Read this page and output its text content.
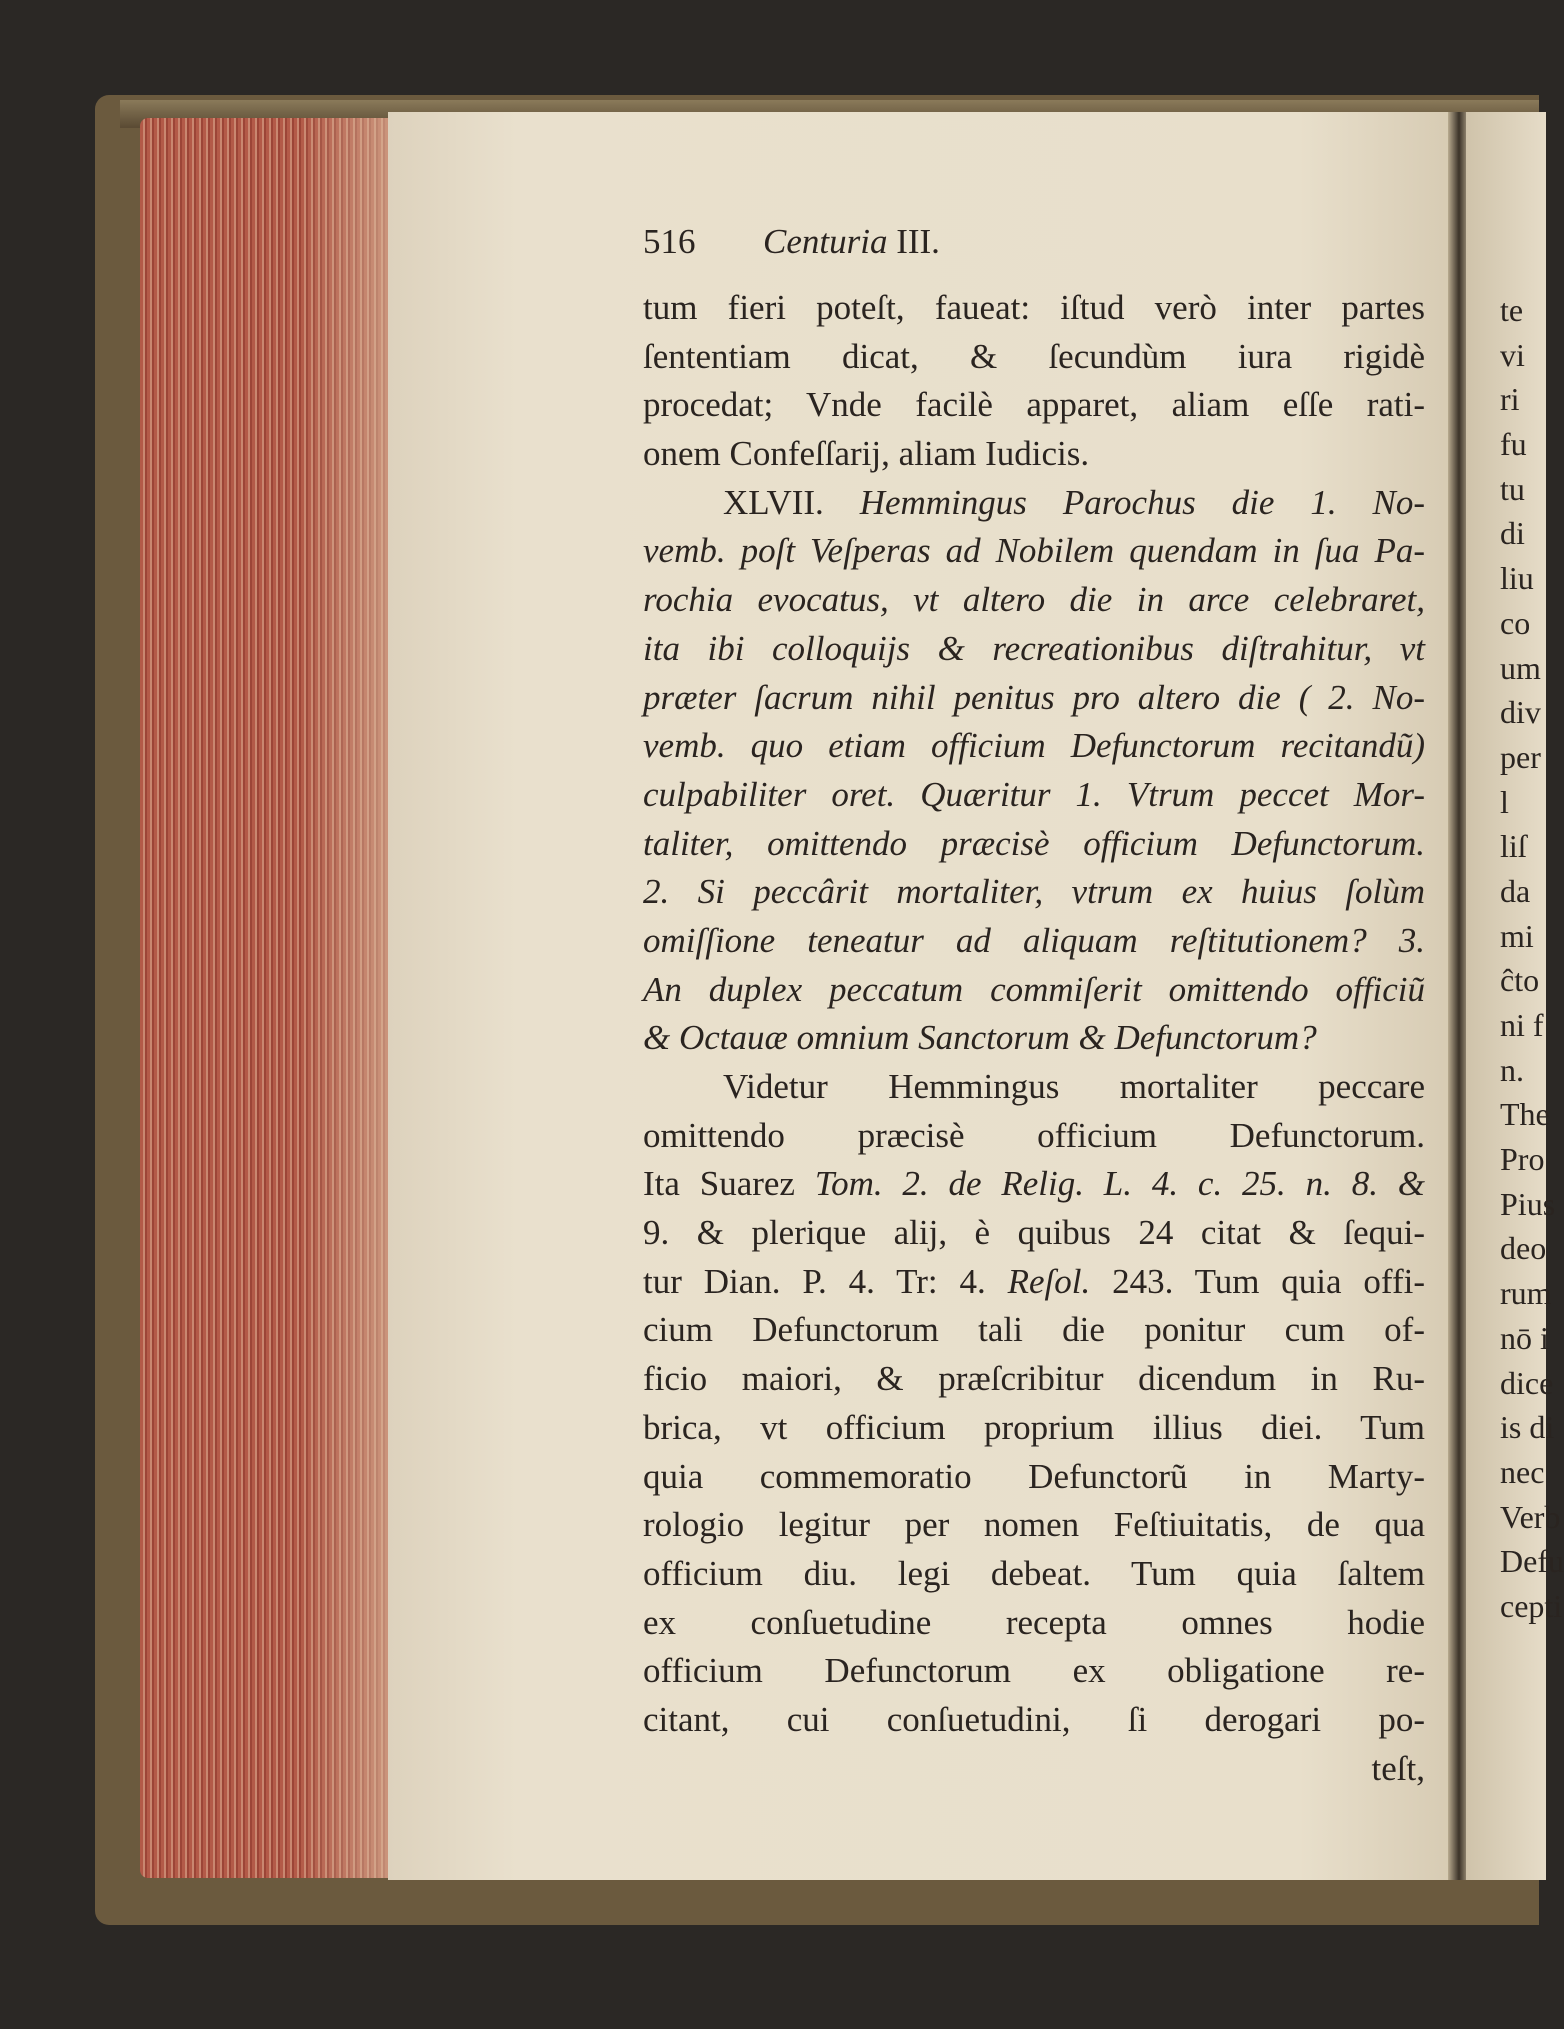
516 Centuria III.
tum fieri poteſt, faueat: iſtud verò inter partes
ſententiam dicat, & ſecundùm iura rigidè
procedat; Vnde facilè apparet, aliam eſſe rati-
onem Confeſſarij, aliam Iudicis.
XLVII. Hemmingus Parochus die 1. No-
vemb. poſt Veſperas ad Nobilem quendam in ſua Pa-
rochia evocatus, vt altero die in arce celebraret,
ita ibi colloquijs & recreationibus diſtrahitur, vt
præter ſacrum nihil penitus pro altero die ( 2. No-
vemb. quo etiam officium Defunctorum recitandũ)
culpabiliter oret. Quæritur 1. Vtrum peccet Mor-
taliter, omittendo præcisè officium Defunctorum.
2. Si peccârit mortaliter, vtrum ex huius ſolùm
omiſſione teneatur ad aliquam reſtitutionem? 3.
An duplex peccatum commiſerit omittendo officiũ
& Octauæ omnium Sanctorum & Defunctorum?
Videtur Hemmingus mortaliter peccare
omittendo præcisè officium Defunctorum.
Ita Suarez Tom. 2. de Relig. L. 4. c. 25. n. 8. &
9. & plerique alij, è quibus 24 citat & ſequi-
tur Dian. P. 4. Tr: 4. Reſol. 243. Tum quia offi-
cium Defunctorum tali die ponitur cum of-
ficio maiori, & præſcribitur dicendum in Ru-
brica, vt officium proprium illius diei. Tum
quia commemoratio Defunctorũ in Marty-
rologio legitur per nomen Feſtiuitatis, de qua
officium diu. legi debeat. Tum quia ſaltem
ex conſuetudine recepta omnes hodie
officium Defunctorum ex obligatione re-
citant, cui conſuetudini, ſi derogari po-
teſt,
te
vi
ri
fu
tu
di
liu
co
um
div
per
l
liſ
da
mi
ĉto
ni f
n.
The
Pro
Pius
deo
rum
nō i
dice
is di
nec
Verb
Defu
cepti
